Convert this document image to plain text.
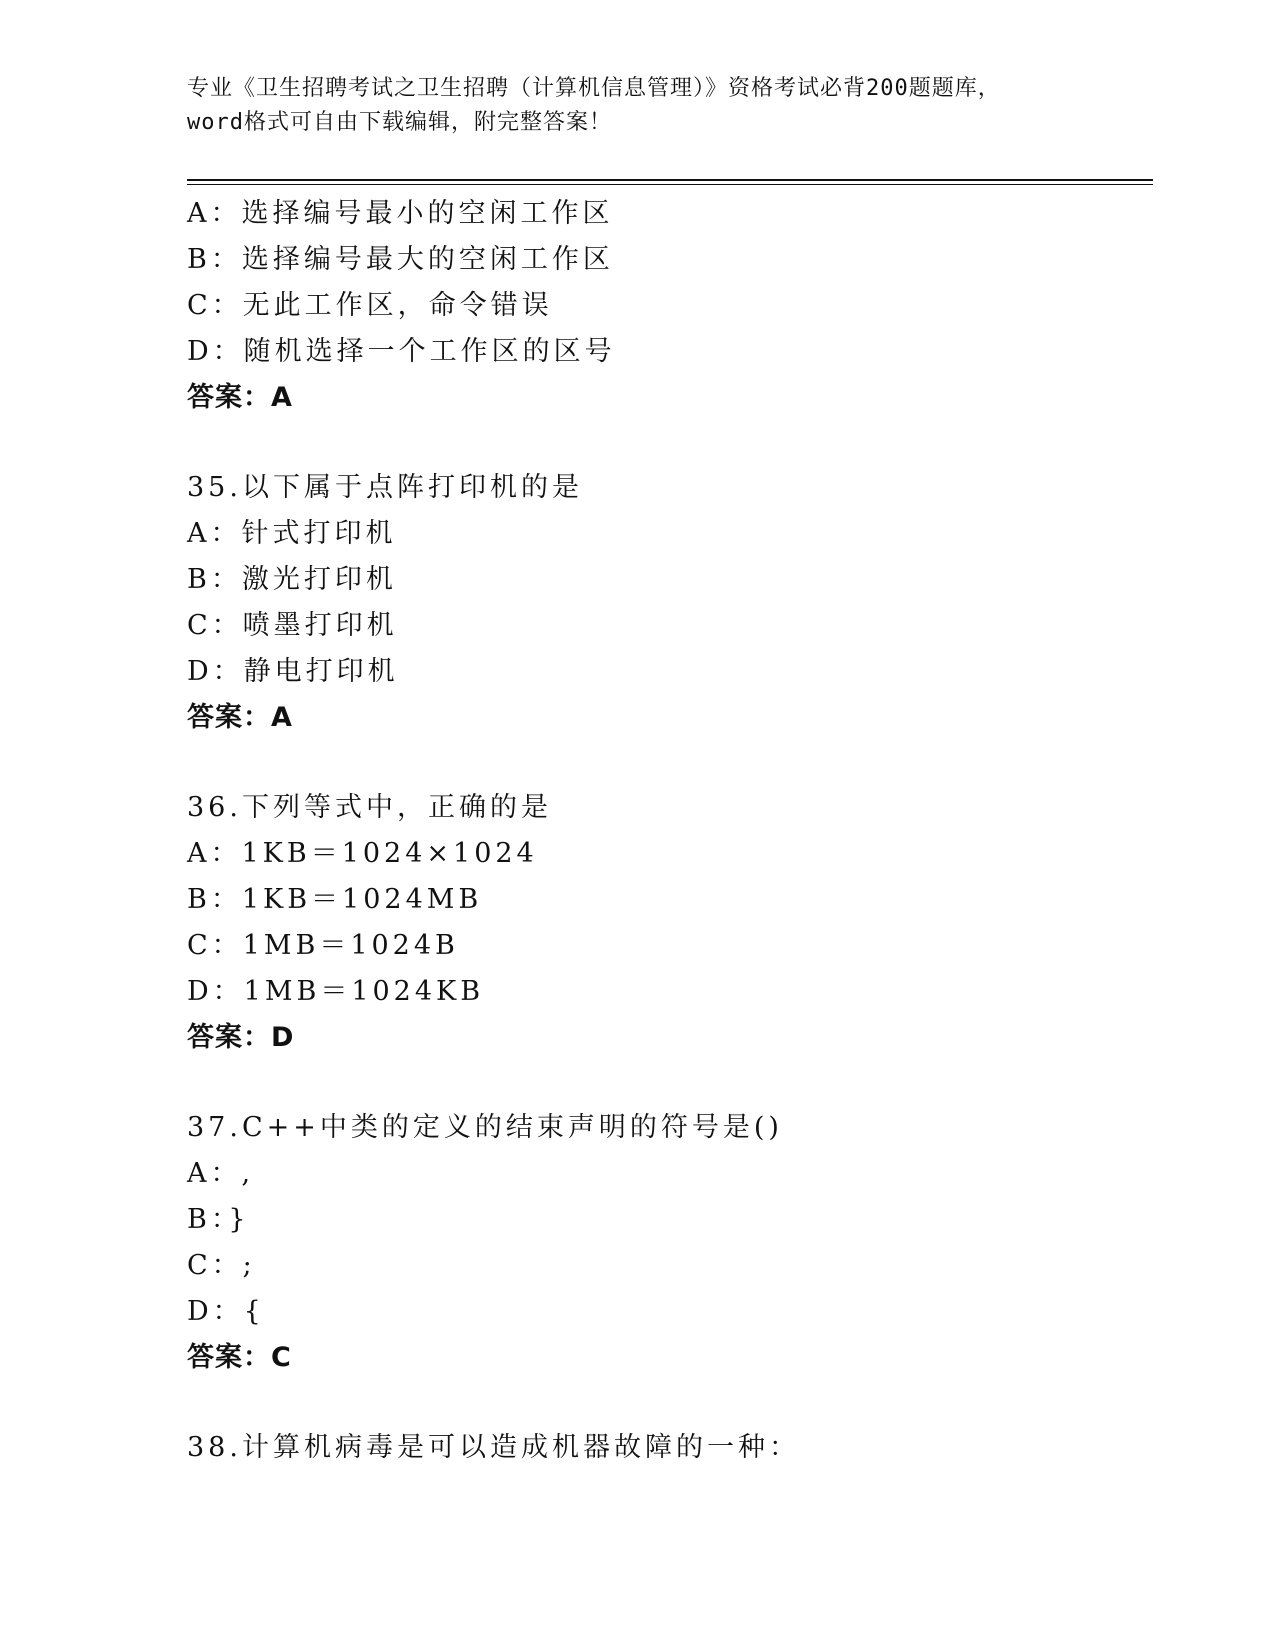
专业《卫生招聘考试之卫生招聘（计算机信息管理）》资格考试必背200题题库，
word格式可自由下载编辑，附完整答案！
A：选择编号最小的空闲工作区
B：选择编号最大的空闲工作区
C：无此工作区，命令错误
D：随机选择一个工作区的区号
答案：A
35.以下属于点阵打印机的是
A：针式打印机
B：激光打印机
C：喷墨打印机
D：静电打印机
答案：A
36.下列等式中，正确的是
A：1KB＝1024×1024
B：1KB＝1024MB
C：1MB＝1024B
D：1MB＝1024KB
答案：D
37.C++中类的定义的结束声明的符号是()
A：,
B：}
C：;
D：{
答案：C
38.计算机病毒是可以造成机器故障的一种：
